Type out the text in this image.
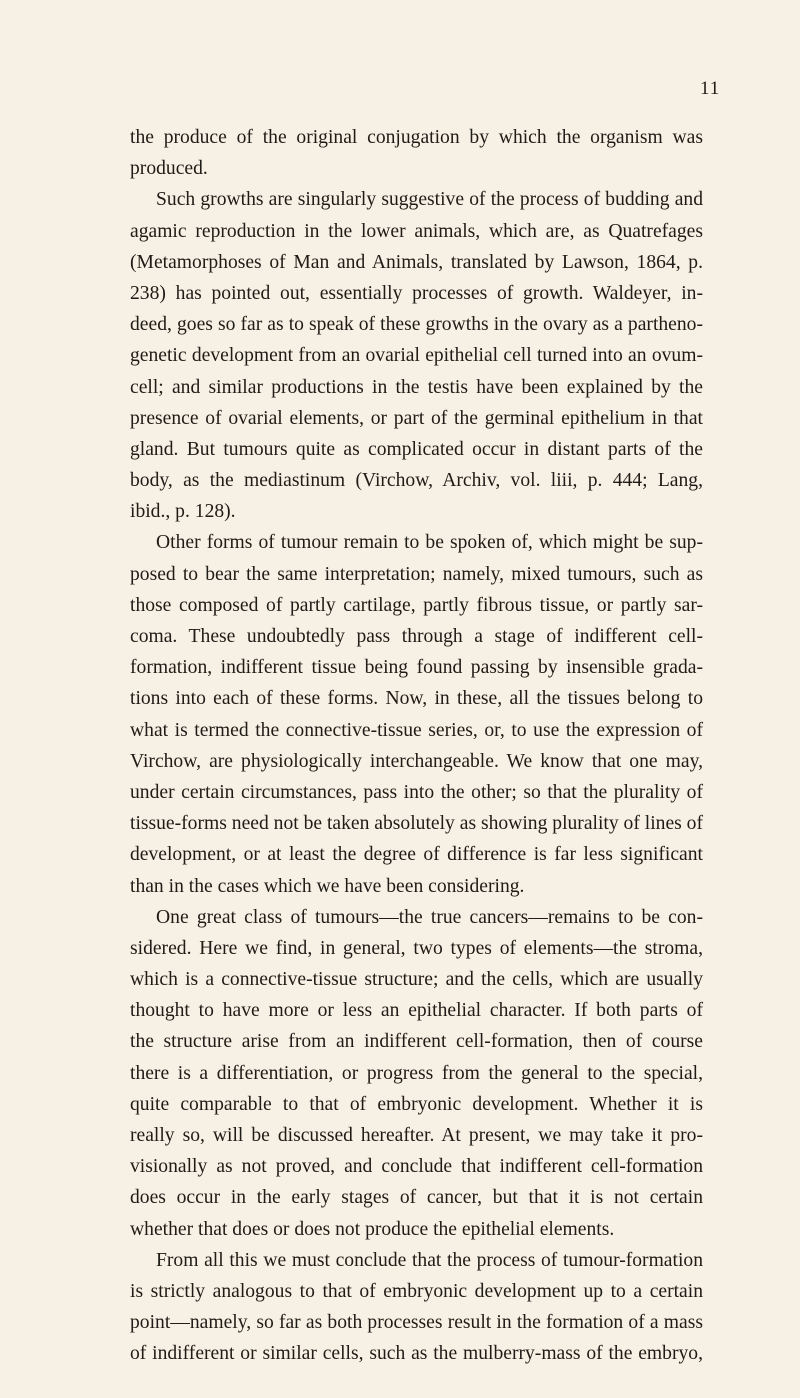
11
the produce of the original conjugation by which the organism was
produced.
Such growths are singularly suggestive of the process of budding and
agamic reproduction in the lower animals, which are, as Quatrefages
(Metamorphoses of Man and Animals, translated by Lawson, 1864, p.
238) has pointed out, essentially processes of growth. Waldeyer, in-
deed, goes so far as to speak of these growths in the ovary as a partheno-
genetic development from an ovarial epithelial cell turned into an ovum-
cell; and similar productions in the testis have been explained by the
presence of ovarial elements, or part of the germinal epithelium in that
gland. But tumours quite as complicated occur in distant parts of the
body, as the mediastinum (Virchow, Archiv, vol. liii, p. 444; Lang,
ibid., p. 128).
Other forms of tumour remain to be spoken of, which might be sup-
posed to bear the same interpretation; namely, mixed tumours, such as
those composed of partly cartilage, partly fibrous tissue, or partly sar-
coma. These undoubtedly pass through a stage of indifferent cell-
formation, indifferent tissue being found passing by insensible grada-
tions into each of these forms. Now, in these, all the tissues belong to
what is termed the connective-tissue series, or, to use the expression of
Virchow, are physiologically interchangeable. We know that one may,
under certain circumstances, pass into the other; so that the plurality of
tissue-forms need not be taken absolutely as showing plurality of lines of
development, or at least the degree of difference is far less significant
than in the cases which we have been considering.
One great class of tumours—the true cancers—remains to be con-
sidered. Here we find, in general, two types of elements—the stroma,
which is a connective-tissue structure; and the cells, which are usually
thought to have more or less an epithelial character. If both parts of
the structure arise from an indifferent cell-formation, then of course
there is a differentiation, or progress from the general to the special,
quite comparable to that of embryonic development. Whether it is
really so, will be discussed hereafter. At present, we may take it pro-
visionally as not proved, and conclude that indifferent cell-formation
does occur in the early stages of cancer, but that it is not certain
whether that does or does not produce the epithelial elements.
From all this we must conclude that the process of tumour-formation
is strictly analogous to that of embryonic development up to a certain
point—namely, so far as both processes result in the formation of a mass
of indifferent or similar cells, such as the mulberry-mass of the embryo,
